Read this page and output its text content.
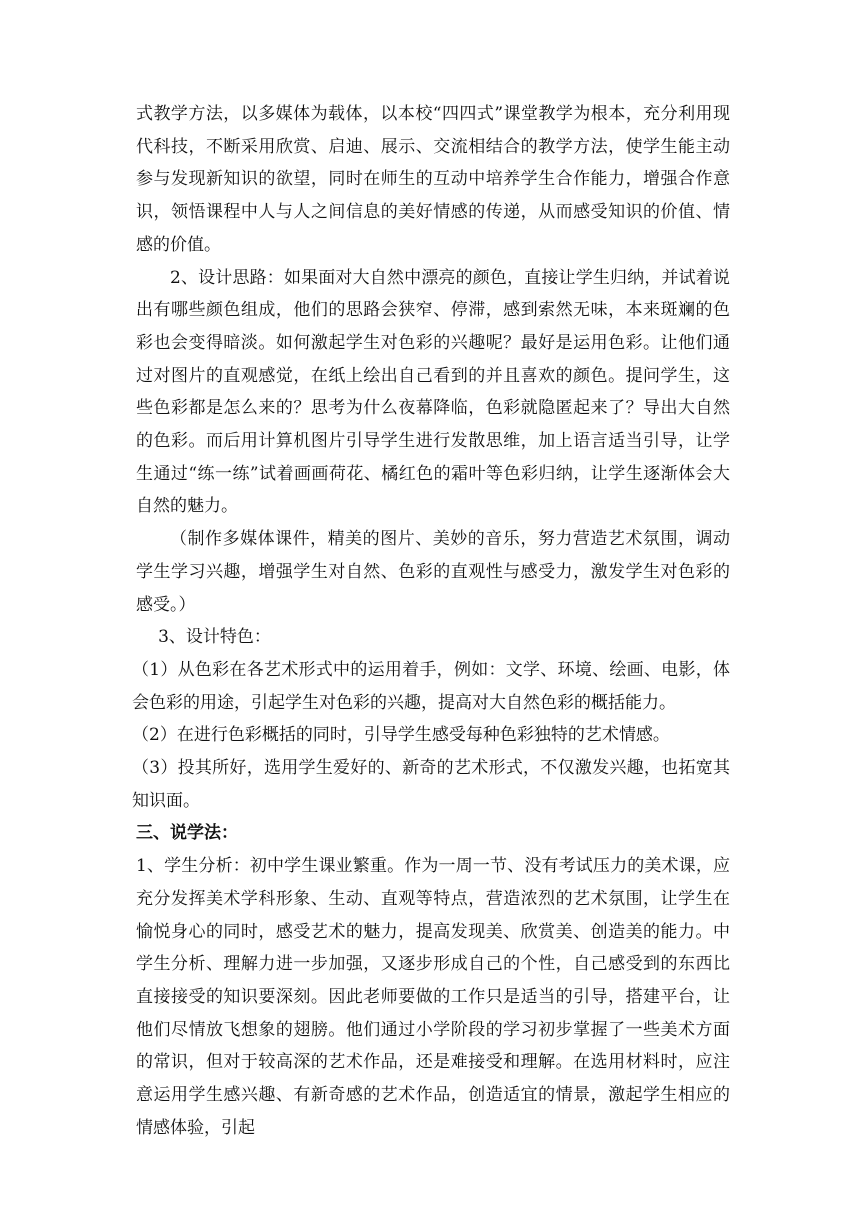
式教学方法，以多媒体为载体，以本校“四四式”课堂教学为根本，充分利用现代科技，不断采用欣赏、启迪、展示、交流相结合的教学方法，使学生能主动参与发现新知识的欲望，同时在师生的互动中培养学生合作能力，增强合作意识，领悟课程中人与人之间信息的美好情感的传递，从而感受知识的价值、情感的价值。

2、设计思路：如果面对大自然中漂亮的颜色，直接让学生归纳，并试着说出有哪些颜色组成，他们的思路会狭窄、停滞，感到索然无味，本来斑斓的色彩也会变得暗淡。如何激起学生对色彩的兴趣呢？最好是运用色彩。让他们通过对图片的直观感觉，在纸上绘出自己看到的并且喜欢的颜色。提问学生，这些色彩都是怎么来的？思考为什么夜幕降临，色彩就隐匿起来了？导出大自然的色彩。而后用计算机图片引导学生进行发散思维，加上语言适当引导，让学生通过“练一练”试着画画荷花、橘红色的霜叶等色彩归纳，让学生逐渐体会大自然的魅力。

（制作多媒体课件，精美的图片、美妙的音乐，努力营造艺术氛围，调动学生学习兴趣，增强学生对自然、色彩的直观性与感受力，激发学生对色彩的感受。）

3、设计特色：

（1）从色彩在各艺术形式中的运用着手，例如：文学、环境、绘画、电影，体会色彩的用途，引起学生对色彩的兴趣，提高对大自然色彩的概括能力。

（2）在进行色彩概括的同时，引导学生感受每种色彩独特的艺术情感。

（3）投其所好，选用学生爱好的、新奇的艺术形式，不仅激发兴趣，也拓宽其知识面。

三、说学法：

1、学生分析：初中学生课业繁重。作为一周一节、没有考试压力的美术课，应充分发挥美术学科形象、生动、直观等特点，营造浓烈的艺术氛围，让学生在愉悦身心的同时，感受艺术的魅力，提高发现美、欣赏美、创造美的能力。中学生分析、理解力进一步加强，又逐步形成自己的个性，自己感受到的东西比直接接受的知识要深刻。因此老师要做的工作只是适当的引导，搭建平台，让他们尽情放飞想象的翅膀。他们通过小学阶段的学习初步掌握了一些美术方面的常识，但对于较高深的艺术作品，还是难接受和理解。在选用材料时，应注意运用学生感兴趣、有新奇感的艺术作品，创造适宜的情景，激起学生相应的情感体验，引起
